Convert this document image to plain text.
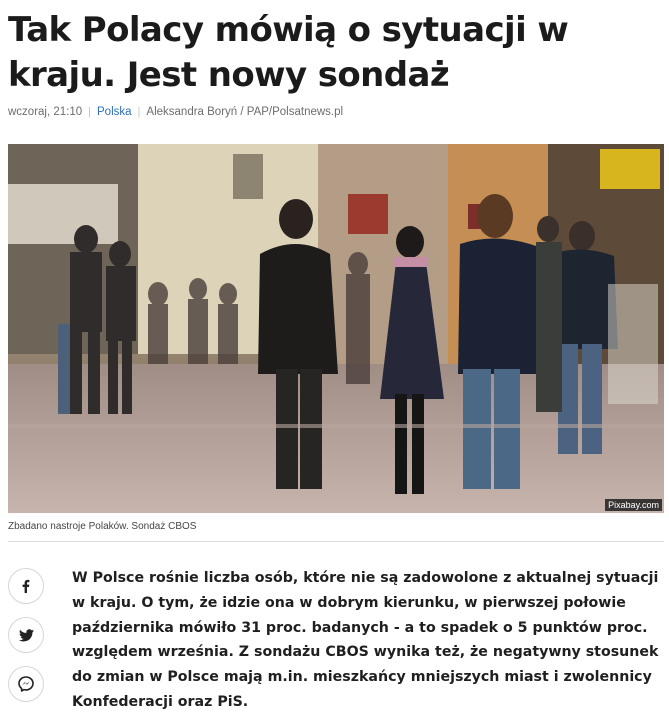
Tak Polacy mówią o sytuacji w kraju. Jest nowy sondaż
wczoraj, 21:10 | Polska | Aleksandra Boryń / PAP/Polsatnews.pl
Pixabay.com
Zbadano nastroje Polaków. Sondaż CBOS

W Polsce rośnie liczba osób, które nie są zadowolone z aktualnej sytuacji w kraju. O tym, że idzie ona w dobrym kierunku, w pierwszej połowie października mówiło 31 proc. badanych - a to spadek o 5 punktów proc. względem września. Z sondażu CBOS wynika też, że negatywny stosunek do zmian w Polsce mają m.in. mieszkańcy mniejszych miast i zwolennicy Konfederacji oraz PiS.
